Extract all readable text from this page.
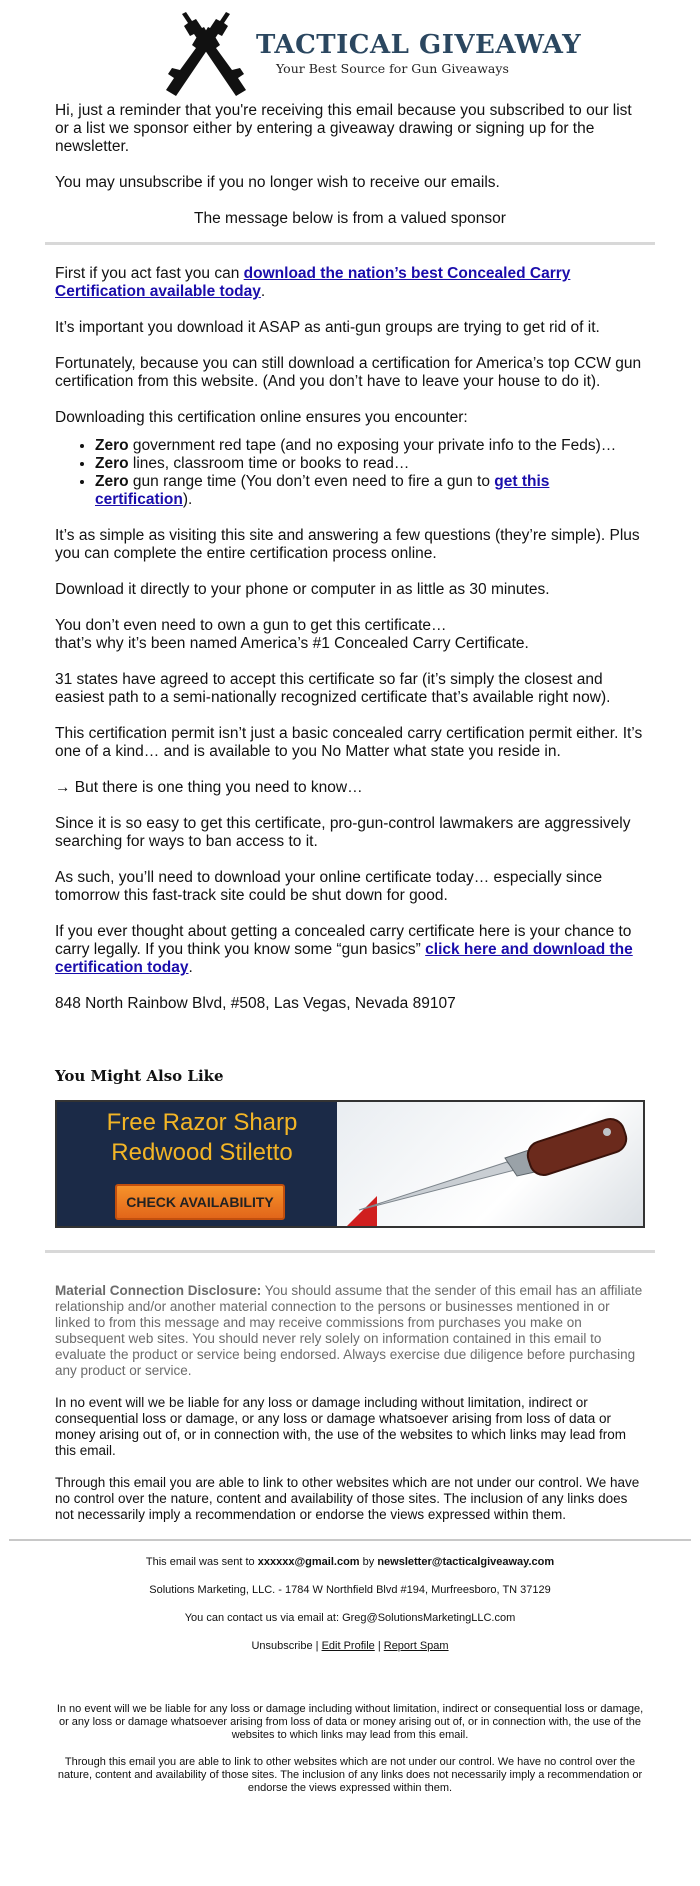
TACTICAL GIVEAWAY
Your Best Source for Gun Giveaways

Hi, just a reminder that you're receiving this email because you subscribed to our list or a list we sponsor either by entering a giveaway drawing or signing up for the newsletter.

You may unsubscribe if you no longer wish to receive our emails.

The message below is from a valued sponsor

First if you act fast you can download the nation’s best Concealed Carry Certification available today.

It’s important you download it ASAP as anti-gun groups are trying to get rid of it.

Fortunately, because you can still download a certification for America’s top CCW gun certification from this website. (And you don’t have to leave your house to do it).

Downloading this certification online ensures you encounter:

• Zero government red tape (and no exposing your private info to the Feds)…
• Zero lines, classroom time or books to read…
• Zero gun range time (You don’t even need to fire a gun to get this certification).

It’s as simple as visiting this site and answering a few questions (they’re simple). Plus you can complete the entire certification process online.

Download it directly to your phone or computer in as little as 30 minutes.

You don’t even need to own a gun to get this certificate…
that’s why it’s been named America’s #1 Concealed Carry Certificate.

31 states have agreed to accept this certificate so far (it’s simply the closest and easiest path to a semi-nationally recognized certificate that’s available right now).

This certification permit isn’t just a basic concealed carry certification permit either. It’s one of a kind… and is available to you No Matter what state you reside in.

→ But there is one thing you need to know…

Since it is so easy to get this certificate, pro-gun-control lawmakers are aggressively searching for ways to ban access to it.

As such, you’ll need to download your online certificate today… especially since tomorrow this fast-track site could be shut down for good.

If you ever thought about getting a concealed carry certificate here is your chance to carry legally. If you think you know some “gun basics” click here and download the certification today.

848 North Rainbow Blvd, #508, Las Vegas, Nevada 89107

You Might Also Like
Free Razor Sharp
Redwood Stiletto
CHECK AVAILABILITY

Material Connection Disclosure: You should assume that the sender of this email has an affiliate relationship and/or another material connection to the persons or businesses mentioned in or linked to from this message and may receive commissions from purchases you make on subsequent web sites. You should never rely solely on information contained in this email to evaluate the product or service being endorsed. Always exercise due diligence before purchasing any product or service.

In no event will we be liable for any loss or damage including without limitation, indirect or consequential loss or damage, or any loss or damage whatsoever arising from loss of data or money arising out of, or in connection with, the use of the websites to which links may lead from this email.

Through this email you are able to link to other websites which are not under our control. We have no control over the nature, content and availability of those sites. The inclusion of any links does not necessarily imply a recommendation or endorse the views expressed within them.

This email was sent to xxxxxx@gmail.com by newsletter@tacticalgiveaway.com

Solutions Marketing, LLC. - 1784 W Northfield Blvd #194, Murfreesboro, TN 37129

You can contact us via email at: Greg@SolutionsMarketingLLC.com

Unsubscribe | Edit Profile | Report Spam

In no event will we be liable for any loss or damage including without limitation, indirect or consequential loss or damage, or any loss or damage whatsoever arising from loss of data or money arising out of, or in connection with, the use of the websites to which links may lead from this email.

Through this email you are able to link to other websites which are not under our control. We have no control over the nature, content and availability of those sites. The inclusion of any links does not necessarily imply a recommendation or endorse the views expressed within them.
